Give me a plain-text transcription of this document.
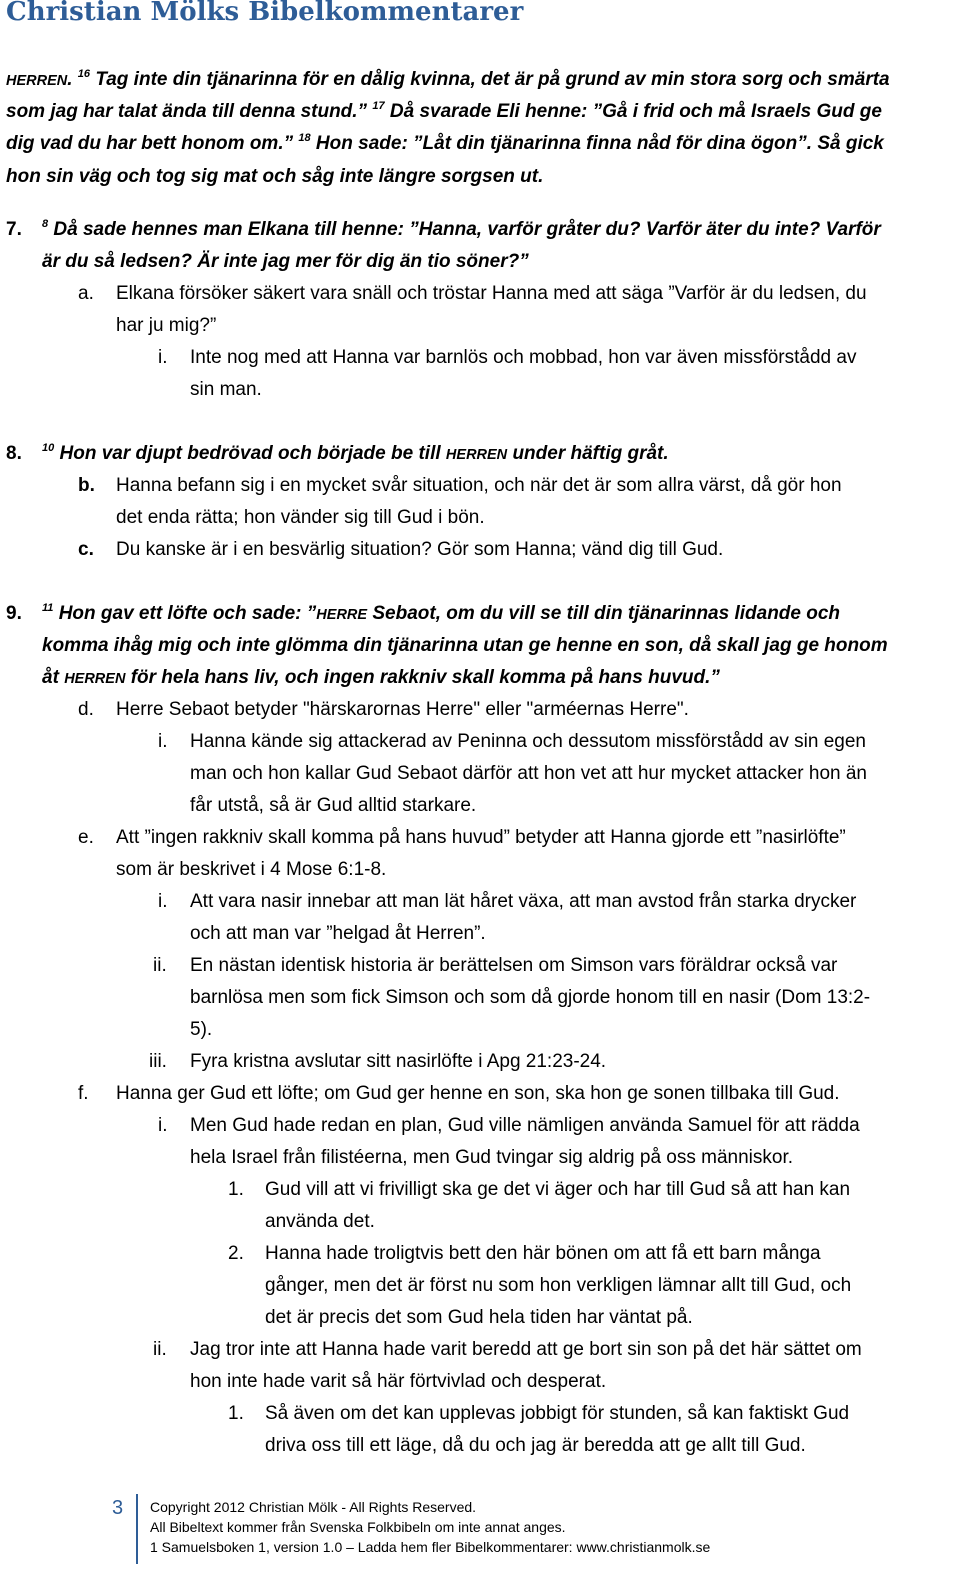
Christian Mölks Bibelkommentarer
HERREN. $^{16}$ Tag inte din tjänarinna för en dålig kvinna, det är på grund av min stora sorg och smärta
som jag har talat ända till denna stund.” $^{17}$ Då svarade Eli henne: ”Gå i frid och må Israels Gud ge
dig vad du har bett honom om.” $^{18}$ Hon sade: ”Låt din tjänarinna finna nåd för dina ögon”. Så gick
hon sin väg och tog sig mat och såg inte längre sorgsen ut.
7. $^8$ Då sade hennes man Elkana till henne: ”Hanna, varför gråter du? Varför äter du inte? Varför
är du så ledsen? Är inte jag mer för dig än tio söner?”
a. Elkana försöker säkert vara snäll och tröstar Hanna med att säga ”Varför är du ledsen, du
har ju mig?”
i. Inte nog med att Hanna var barnlös och mobbad, hon var även missförstådd av
sin man.
8. $^{10}$ Hon var djupt bedrövad och började be till HERREN under häftig gråt.
b. Hanna befann sig i en mycket svår situation, och när det är som allra värst, då gör hon
det enda rätta; hon vänder sig till Gud i bön.
c. Du kanske är i en besvärlig situation? Gör som Hanna; vänd dig till Gud.
9. $^{11}$ Hon gav ett löfte och sade: ”HERRE Sebaot, om du vill se till din tjänarinnas lidande och
komma ihåg mig och inte glömma din tjänarinna utan ge henne en son, då skall jag ge honom
åt HERREN för hela hans liv, och ingen rakkniv skall komma på hans huvud.”
d. Herre Sebaot betyder "härskarornas Herre" eller "arméernas Herre".
i. Hanna kände sig attackerad av Peninna och dessutom missförstådd av sin egen
man och hon kallar Gud Sebaot därför att hon vet att hur mycket attacker hon än
får utstå, så är Gud alltid starkare.
e. Att ”ingen rakkniv skall komma på hans huvud” betyder att Hanna gjorde ett ”nasirlöfte”
som är beskrivet i 4 Mose 6:1-8.
i. Att vara nasir innebar att man lät håret växa, att man avstod från starka drycker
och att man var ”helgad åt Herren”.
ii. En nästan identisk historia är berättelsen om Simson vars föräldrar också var
barnlösa men som fick Simson och som då gjorde honom till en nasir (Dom 13:2-
5).
iii. Fyra kristna avslutar sitt nasirlöfte i Apg 21:23-24.
f. Hanna ger Gud ett löfte; om Gud ger henne en son, ska hon ge sonen tillbaka till Gud.
i. Men Gud hade redan en plan, Gud ville nämligen använda Samuel för att rädda
hela Israel från filistéerna, men Gud tvingar sig aldrig på oss människor.
1. Gud vill att vi frivilligt ska ge det vi äger och har till Gud så att han kan
använda det.
2. Hanna hade troligtvis bett den här bönen om att få ett barn många
gånger, men det är först nu som hon verkligen lämnar allt till Gud, och
det är precis det som Gud hela tiden har väntat på.
ii. Jag tror inte att Hanna hade varit beredd att ge bort sin son på det här sättet om
hon inte hade varit så här förtvivlad och desperat.
1. Så även om det kan upplevas jobbigt för stunden, så kan faktiskt Gud
driva oss till ett läge, då du och jag är beredda att ge allt till Gud.
3 Copyright 2012 Christian Mölk - All Rights Reserved.
All Bibeltext kommer från Svenska Folkbibeln om inte annat anges.
1 Samuelsboken 1, version 1.0 – Ladda hem fler Bibelkommentarer: www.christianmolk.se
